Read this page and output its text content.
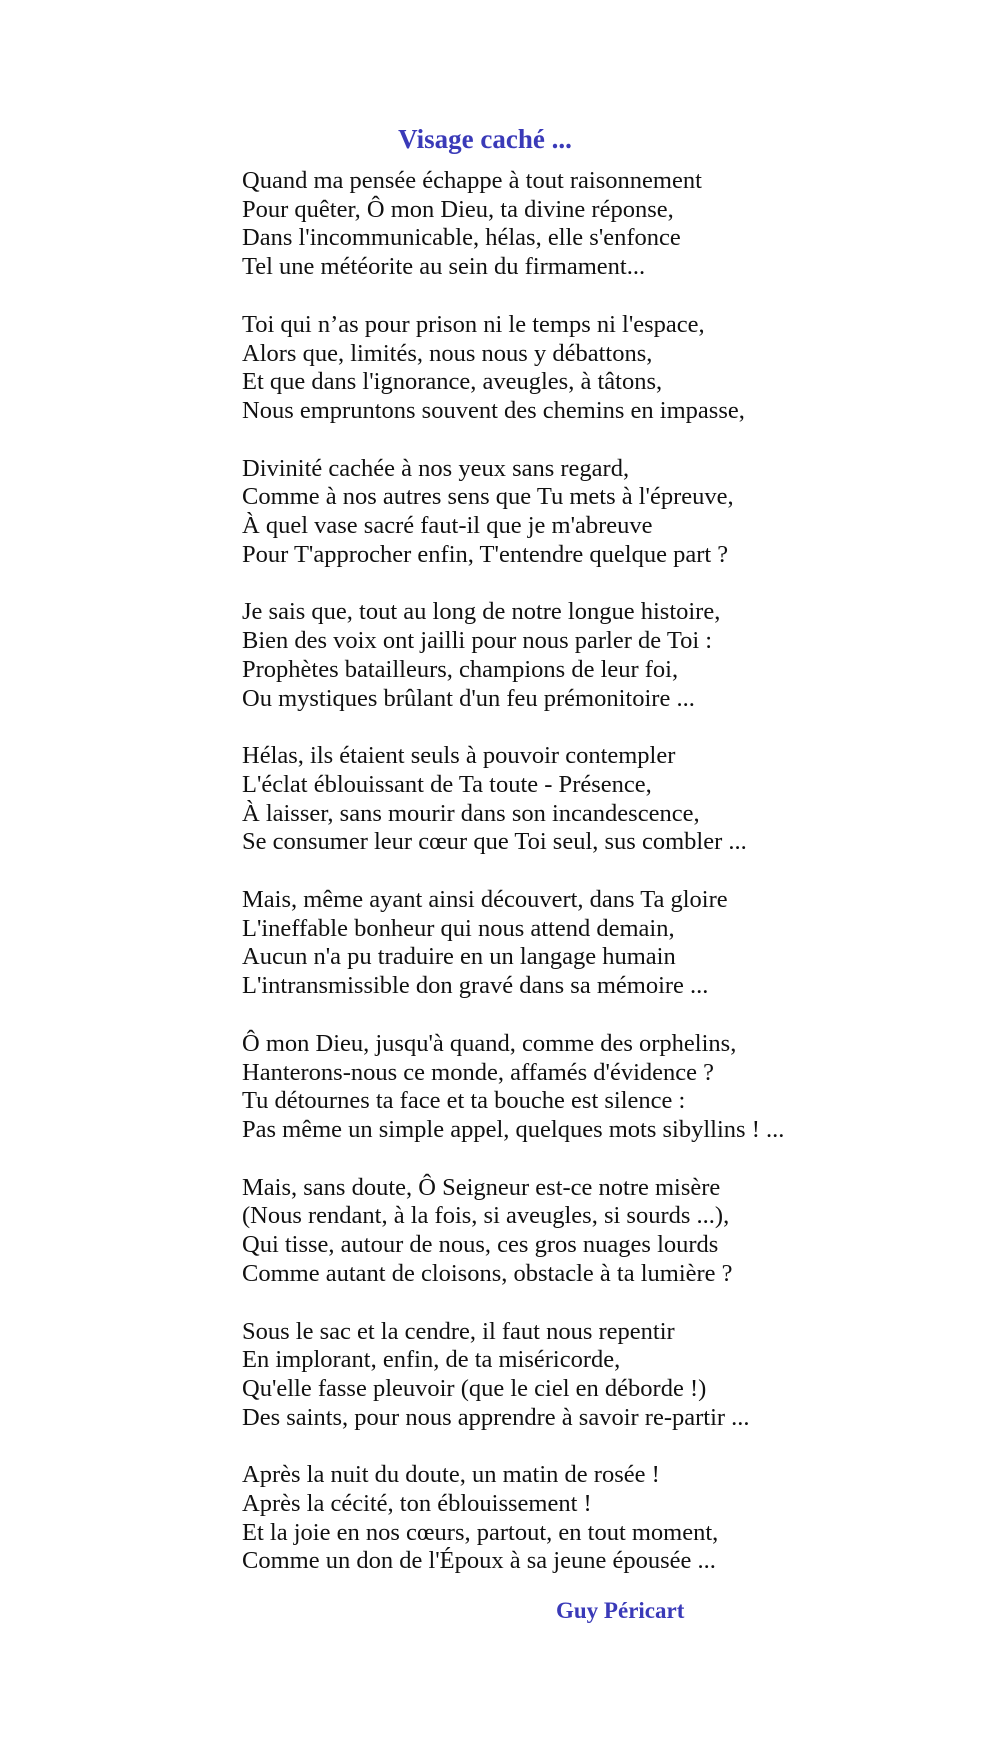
Visage caché ...
Quand ma pensée échappe à tout raisonnement
Pour quêter, Ô mon Dieu, ta divine réponse,
Dans l'incommunicable, hélas, elle s'enfonce
Tel une météorite au sein du firmament...
Toi qui n’as pour prison ni le temps ni l'espace,
Alors que, limités, nous nous y débattons,
Et que dans l'ignorance, aveugles, à tâtons,
Nous empruntons souvent des chemins en impasse,
Divinité cachée à nos yeux sans regard,
Comme à nos autres sens que Tu mets à l'épreuve,
À quel vase sacré faut-il que je m'abreuve
Pour T'approcher enfin, T'entendre quelque part ?
Je sais que, tout au long de notre longue histoire,
Bien des voix ont jailli pour nous parler de Toi :
Prophètes batailleurs, champions de leur foi,
Ou mystiques brûlant d'un feu prémonitoire ...
Hélas, ils étaient seuls à pouvoir contempler
L'éclat éblouissant de Ta toute - Présence,
À laisser, sans mourir dans son incandescence,
Se consumer leur cœur que Toi seul, sus combler ...
Mais, même ayant ainsi découvert, dans Ta gloire
L'ineffable bonheur qui nous attend demain,
Aucun n'a pu traduire en un langage humain
L'intransmissible don gravé dans sa mémoire ...
Ô mon Dieu, jusqu'à quand, comme des orphelins,
Hanterons-nous ce monde, affamés d'évidence ?
Tu détournes ta face et ta bouche est silence :
Pas même un simple appel, quelques mots sibyllins ! ...
Mais, sans doute, Ô Seigneur est-ce notre misère
(Nous rendant, à la fois, si aveugles, si sourds ...),
Qui tisse, autour de nous, ces gros nuages lourds
Comme autant de cloisons, obstacle à ta lumière ?
Sous le sac et la cendre, il faut nous repentir
En implorant, enfin, de ta miséricorde,
Qu'elle fasse pleuvoir (que le ciel en déborde !)
Des saints, pour nous apprendre à savoir re-partir ...
Après la nuit du doute, un matin de rosée !
Après la cécité, ton éblouissement !
Et la joie en nos cœurs, partout, en tout moment,
Comme un don de l'Époux à sa jeune épousée ...
Guy Péricart
